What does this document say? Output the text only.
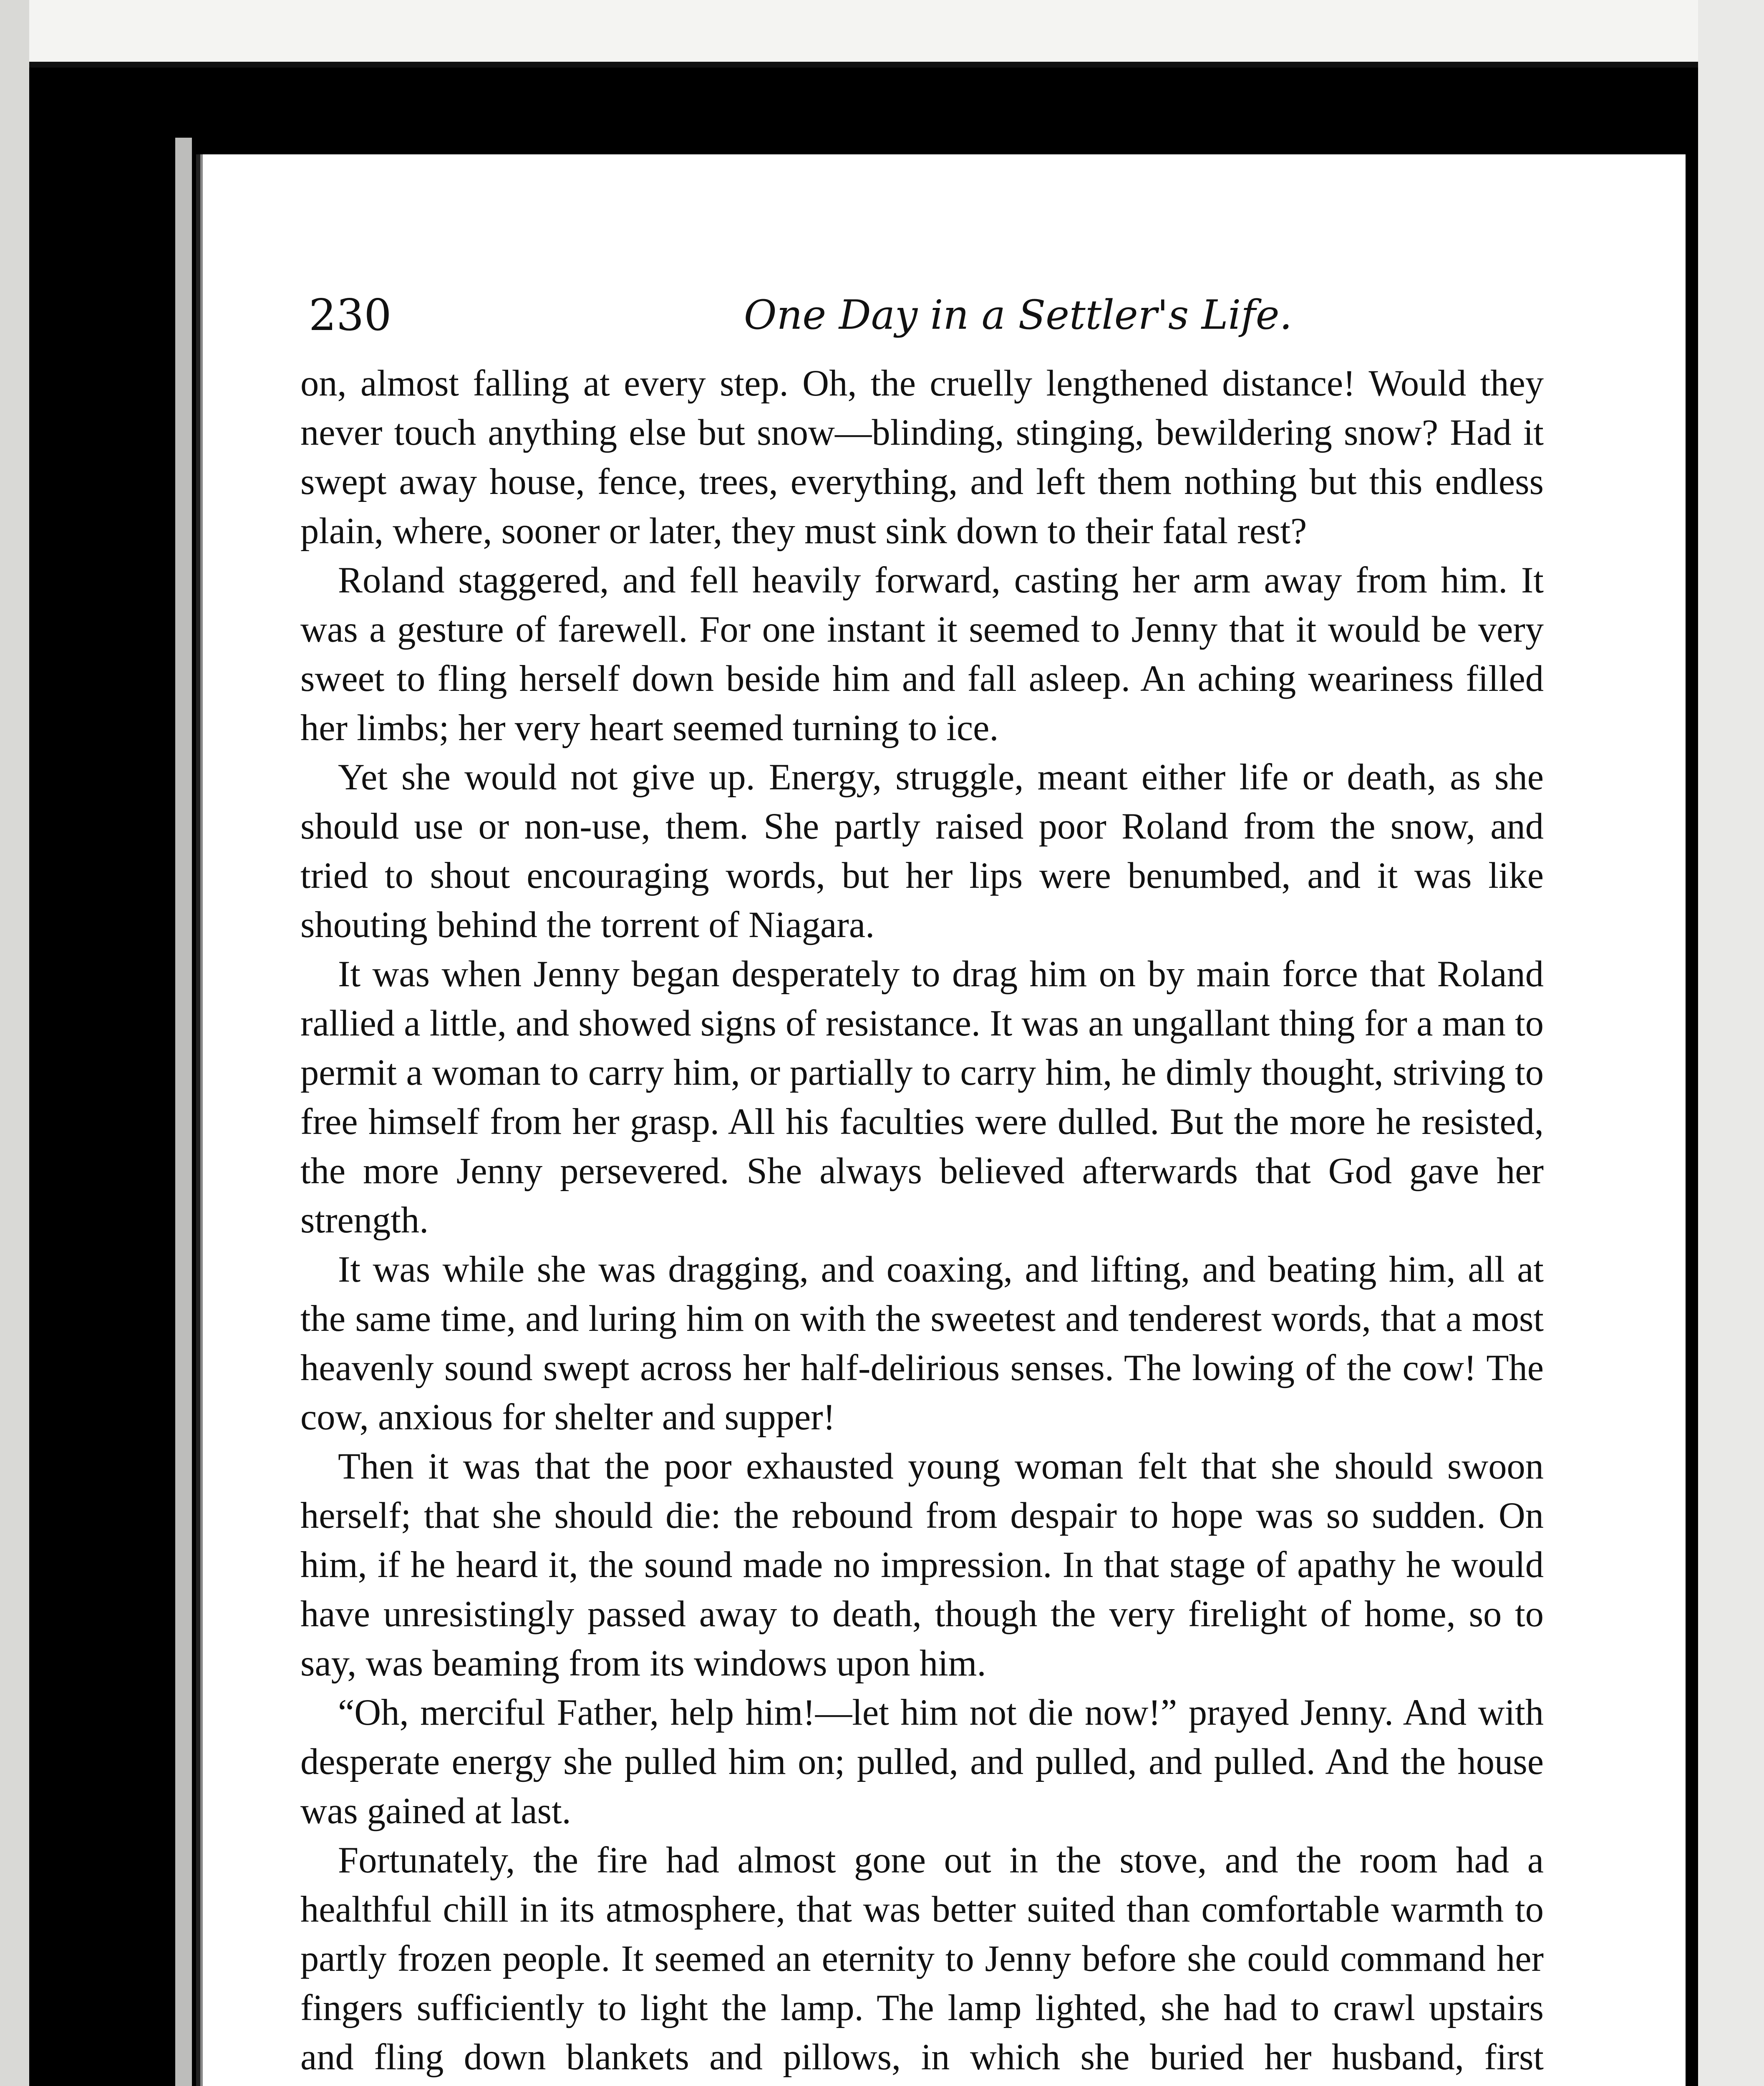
230	One Day in a Settler's Life.

on, almost falling at every step. Oh, the cruelly lengthened distance! Would they never touch anything else but snow—blinding, stinging, bewildering snow? Had it swept away house, fence, trees, everything, and left them nothing but this endless plain, where, sooner or later, they must sink down to their fatal rest?

Roland staggered, and fell heavily forward, casting her arm away from him. It was a gesture of farewell. For one instant it seemed to Jenny that it would be very sweet to fling herself down beside him and fall asleep. An aching weariness filled her limbs; her very heart seemed turning to ice.

Yet she would not give up. Energy, struggle, meant either life or death, as she should use or non-use, them. She partly raised poor Roland from the snow, and tried to shout encouraging words, but her lips were benumbed, and it was like shouting behind the torrent of Niagara.

It was when Jenny began desperately to drag him on by main force that Roland rallied a little, and showed signs of resistance. It was an ungallant thing for a man to permit a woman to carry him, or partially to carry him, he dimly thought, striving to free himself from her grasp. All his faculties were dulled. But the more he resisted, the more Jenny persevered. She always believed afterwards that God gave her strength.

It was while she was dragging, and coaxing, and lifting, and beating him, all at the same time, and luring him on with the sweetest and tenderest words, that a most heavenly sound swept across her half-delirious senses. The lowing of the cow! The cow, anxious for shelter and supper!

Then it was that the poor exhausted young woman felt that she should swoon herself; that she should die: the rebound from despair to hope was so sudden. On him, if he heard it, the sound made no impression. In that stage of apathy he would have unresistingly passed away to death, though the very firelight of home, so to say, was beaming from its windows upon him.

“Oh, merciful Father, help him!—let him not die now!” prayed Jenny. And with desperate energy she pulled him on; pulled, and pulled, and pulled. And the house was gained at last.

Fortunately, the fire had almost gone out in the stove, and the room had a healthful chill in its atmosphere, that was better suited than comfortable warmth to partly frozen people. It seemed an eternity to Jenny before she could command her fingers sufficiently to light the lamp. The lamp lighted, she had to crawl upstairs and fling down blankets and pillows, in which she buried her husband, first
